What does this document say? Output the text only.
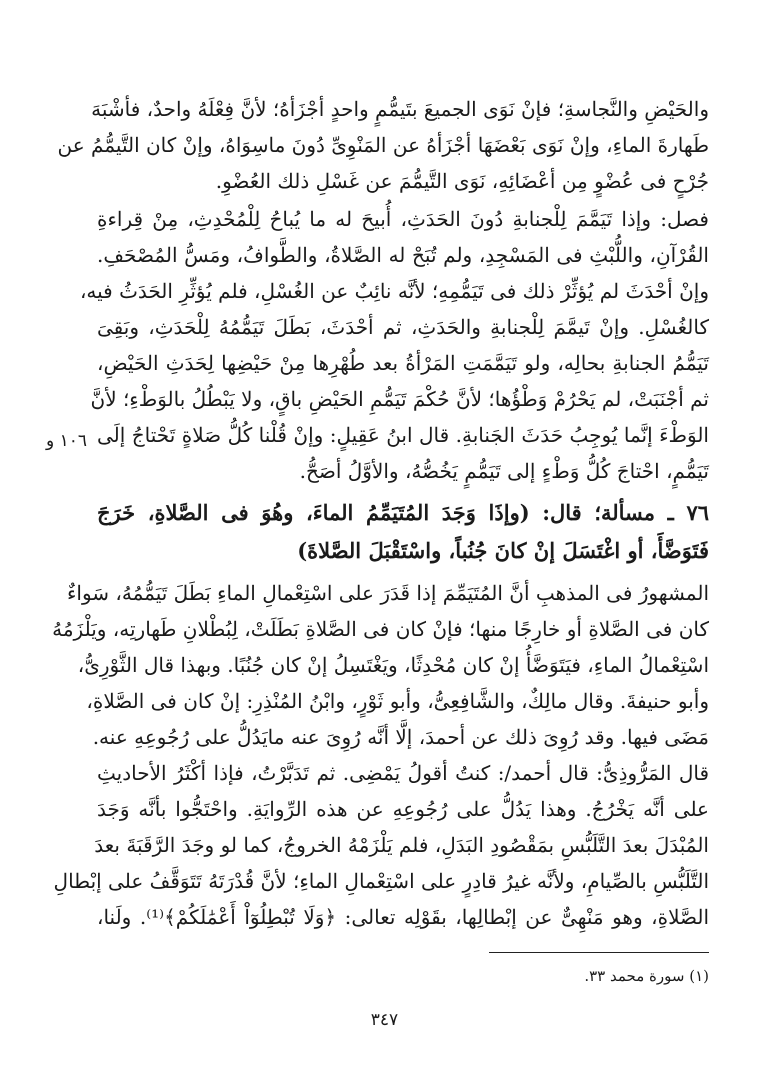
والحَيْضِ والنَّجاسةِ؛ فإنْ نَوَى الجميعَ بتَيمُّمٍ واحدٍ أجْزَأهُ؛ لأنَّ فِعْلَهُ واحدٌ، فأشْبَهَ
طَهارةَ الماءِ، وإنْ نَوَى بَعْضَهَا أجْزَأهُ عن المَنْوِىِّ دُونَ ماسِوَاهُ، وإنْ كان التَّيمُّمُ عن
جُرْحٍ فى عُضْوٍ مِن أعْضَائِهِ، نَوَى التَّيمُّمَ عن غَسْلِ ذلك العُضْوِ.
فصل: وإذا تَيَمَّمَ لِلْجنابةِ دُونَ الحَدَثِ، أُبيحَ له ما يُباحُ لِلْمُحْدِثِ، مِنْ قِراءةِ
القُرْآنِ، واللُّبْثِ فى المَسْجِدِ، ولم تُبَحْ له الصَّلاةُ، والطَّوافُ، ومَسُّ المُصْحَفِ.
وإنْ أحْدَثَ لم يُؤثِّرْ ذلك فى تَيَمُّمِهِ؛ لأنَّه نائِبٌ عن الغُسْلِ، فلم يُؤثِّرِ الحَدَثُ فيه،
كالغُسْلِ. وإنْ تَيمَّمَ لِلْجنابةِ والحَدَثِ، ثم أحْدَثَ، بَطَلَ تَيَمُّمُهُ لِلْحَدَثِ، وبَقِىَ
تَيَمُّمُ الجنابةِ بحالِه، ولو تَيَمَّمَتِ المَرْأةُ بعد طُهْرِها مِنْ حَيْضِها لِحَدَثِ الحَيْضِ،
ثم أجْنَبَتْ، لم يَحْرُمْ وَطْؤُها؛ لأنَّ حُكْمَ تَيَمُّمِ الحَيْضِ باقٍ، ولا يَبْطُلُ بالوَطْءِ؛ لأنَّ
الوَطْءَ إنَّما يُوجِبُ حَدَثَ الجَنابةِ. قال ابنُ عَقِيلٍ: وإنْ قُلْنا كُلُّ صَلاةٍ تَحْتاجُ إلَى
تَيَمُّمٍ، احْتاجَ كُلُّ وَطْءٍ إلى تَيَمُّمٍ يَخُصُّهُ، والأوَّلُ أصَحُّ.
٧٦ ـ مسألة؛ قال: (وإذَا وَجَدَ المُتَيَمِّمُ الماءَ، وهُوَ فى الصَّلاةِ، خَرَجَ
فَتَوَضَّأَ، أو اغْتَسَلَ إنْ كانَ جُنُباً، واسْتَقْبَلَ الصَّلاةَ)
المشهورُ فى المذهبِ أنَّ المُتَيَمِّمَ إذا قَدَرَ على اسْتِعْمالِ الماءِ بَطَلَ تَيَمُّمُهُ، سَواءٌ
كان فى الصَّلاةِ أو خارِجًا منها؛ فإنْ كان فى الصَّلاةِ بَطَلَتْ، لِبُطْلانِ طَهارتِه، ويَلْزَمُهُ
اسْتِعْمالُ الماءِ، فيَتَوَضَّأُ إنْ كان مُحْدِثًا، ويَغْتَسِلُ إنْ كان جُنُبًا. وبهذا قال الثَّوْرِىُّ،
وأبو حنيفةَ. وقال مالِكٌ، والشَّافِعِىُّ، وأبو ثَوْرٍ، وابْنُ المُنْذِرِ: إنْ كان فى الصَّلاةِ،
مَضَى فيها. وقد رُوِىَ ذلك عن أحمدَ، إلَّا أنَّه رُوِىَ عنه مايَدُلُّ على رُجُوعِهِ عنه.
قال المَرُّوذِىُّ: قال أحمد/: كنتُ أقولُ يَمْضِى. ثم تَدَبَّرْتُ، فإذا أكْثَرُ الأحاديثِ
على أنَّه يَخْرُجُ. وهذا يَدُلُّ على رُجُوعِهِ عن هذه الرِّوايَةِ. واحْتَجُّوا بأنَّه وَجَدَ
المُبْدَلَ بعدَ التَّلَبُّسِ بمَقْصُودِ البَدَلِ، فلم يَلْزَمْهُ الخروجُ، كما لو وجَدَ الرَّقَبَةَ بعدَ
التَّلَبُّسِ بالصِّيامِ، ولأنَّه غيرُ قادِرٍ على اسْتِعْمالِ الماءِ؛ لأنَّ قُدْرَتَهُ تَتَوَقَّفُ على إبْطالِ
الصَّلاةِ، وهو مَنْهِىٌّ عن إبْطالِها، بقَوْلِه تعالى: ﴿وَلَا تُبْطِلُوٓاْ أَعْمَٰلَكُمْ﴾⁽¹⁾. ولَنا،
١٠٦ و
(١) سورة محمد ٣٣.
٣٤٧
